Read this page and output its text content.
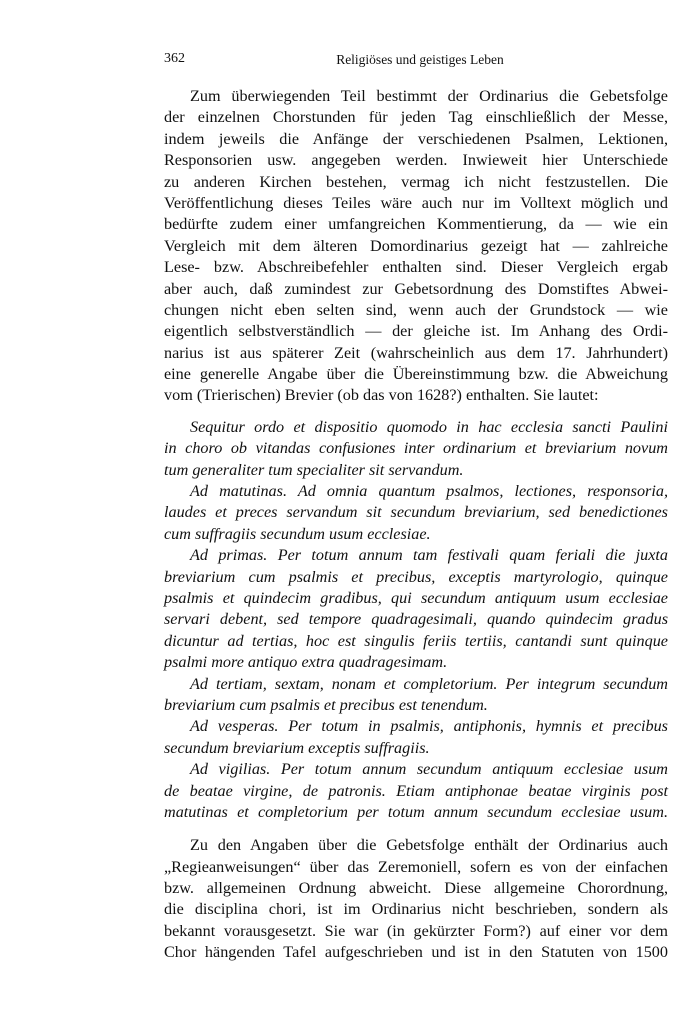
362	Religiöses und geistiges Leben
Zum überwiegenden Teil bestimmt der Ordinarius die Gebetsfolge
der einzelnen Chorstunden für jeden Tag einschließlich der Messe,
indem jeweils die Anfänge der verschiedenen Psalmen, Lektionen,
Responsorien usw. angegeben werden. Inwieweit hier Unterschiede
zu anderen Kirchen bestehen, vermag ich nicht festzustellen. Die
Veröffentlichung dieses Teiles wäre auch nur im Volltext möglich und
bedürfte zudem einer umfangreichen Kommentierung, da — wie ein
Vergleich mit dem älteren Domordinarius gezeigt hat — zahlreiche
Lese- bzw. Abschreibefehler enthalten sind. Dieser Vergleich ergab
aber auch, daß zumindest zur Gebetsordnung des Domstiftes Abwei-
chungen nicht eben selten sind, wenn auch der Grundstock — wie
eigentlich selbstverständlich — der gleiche ist. Im Anhang des Ordi-
narius ist aus späterer Zeit (wahrscheinlich aus dem 17. Jahrhundert)
eine generelle Angabe über die Übereinstimmung bzw. die Abweichung
vom (Trierischen) Brevier (ob das von 1628?) enthalten. Sie lautet:
Sequitur ordo et dispositio quomodo in hac ecclesia sancti Paulini
in choro ob vitandas confusiones inter ordinarium et breviarium novum
tum generaliter tum specialiter sit servandum.
Ad matutinas. Ad omnia quantum psalmos, lectiones, responsoria,
laudes et preces servandum sit secundum breviarium, sed benedictiones
cum suffragiis secundum usum ecclesiae.
Ad primas. Per totum annum tam festivali quam feriali die juxta
breviarium cum psalmis et precibus, exceptis martyrologio, quinque
psalmis et quindecim gradibus, qui secundum antiquum usum ecclesiae
servari debent, sed tempore quadragesimali, quando quindecim gradus
dicuntur ad tertias, hoc est singulis feriis tertiis, cantandi sunt quinque
psalmi more antiquo extra quadragesimam.
Ad tertiam, sextam, nonam et completorium. Per integrum secundum
breviarium cum psalmis et precibus est tenendum.
Ad vesperas. Per totum in psalmis, antiphonis, hymnis et precibus
secundum breviarium exceptis suffragiis.
Ad vigilias. Per totum annum secundum antiquum ecclesiae usum
de beatae virgine, de patronis. Etiam antiphonae beatae virginis post
matutinas et completorium per totum annum secundum ecclesiae usum.
Zu den Angaben über die Gebetsfolge enthält der Ordinarius auch
„Regieanweisungen“ über das Zeremoniell, sofern es von der einfachen
bzw. allgemeinen Ordnung abweicht. Diese allgemeine Chorordnung,
die disciplina chori, ist im Ordinarius nicht beschrieben, sondern als
bekannt vorausgesetzt. Sie war (in gekürzter Form?) auf einer vor dem
Chor hängenden Tafel aufgeschrieben und ist in den Statuten von 1500
